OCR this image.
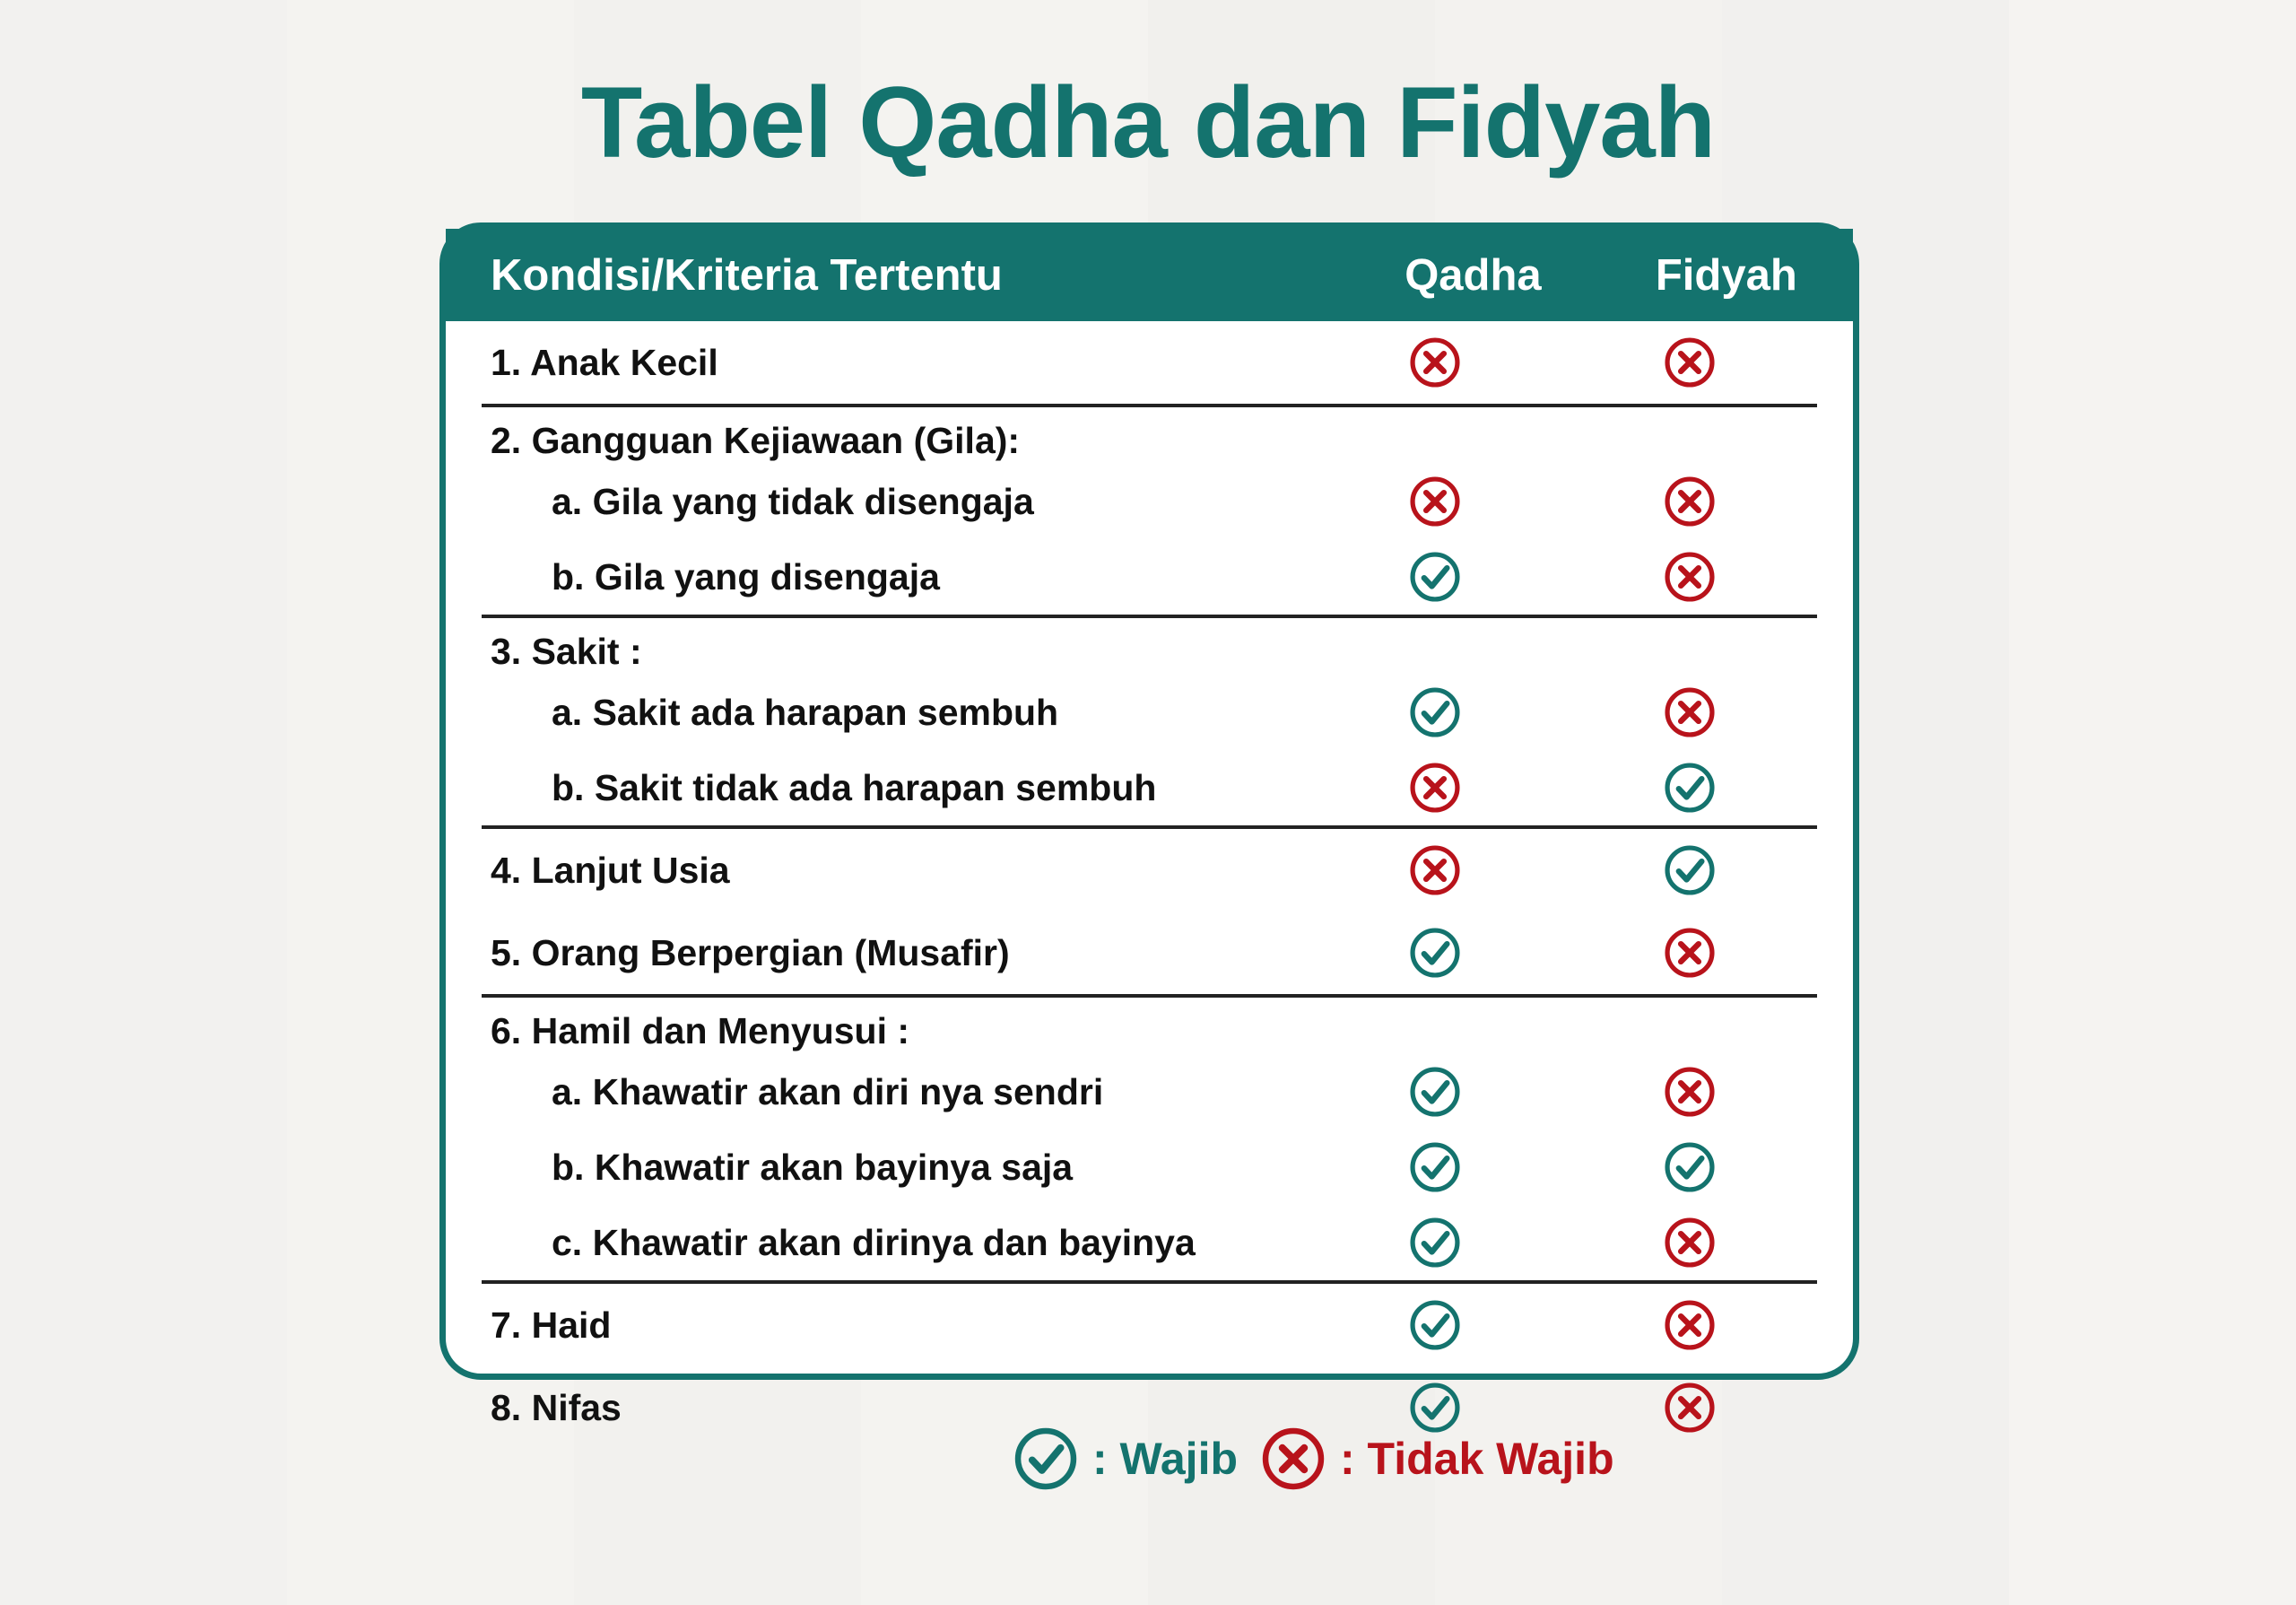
Tabel Qadha dan Fidyah
Kondisi/Kriteria Tertentu	Qadha	Fidyah
1. Anak Kecil
2. Gangguan Kejiawaan (Gila):
a. Gila yang tidak disengaja
b. Gila yang disengaja
3. Sakit :
a. Sakit ada harapan sembuh
b. Sakit tidak ada harapan sembuh
4. Lanjut Usia
5. Orang Berpergian (Musafir)
6. Hamil dan Menyusui :
a. Khawatir akan diri nya sendri
b. Khawatir akan bayinya saja
c. Khawatir akan dirinya dan bayinya
7. Haid
8. Nifas
: Wajib : Tidak Wajib
